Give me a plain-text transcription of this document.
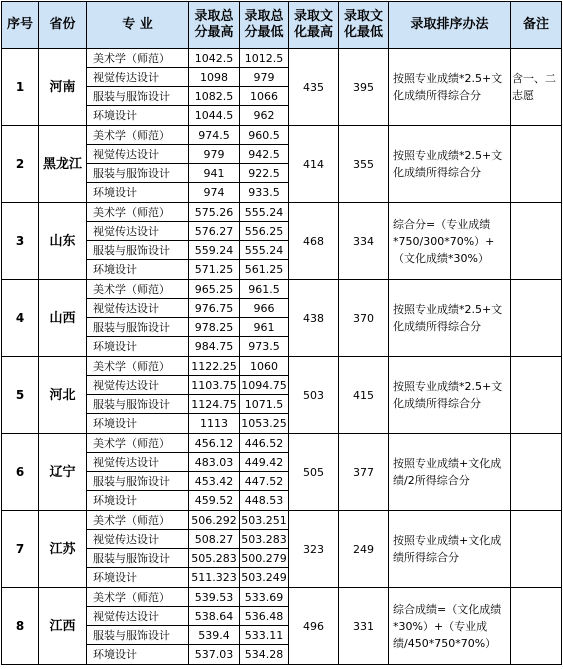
序号	省份	专 业	录取总分最高	录取总分最低	录取文化最高	录取文化最低	录取排序办法	备注
1	河南	美术学（师范）	1042.5	1012.5	435	395	按照专业成绩*2.5+文化成绩所得综合分	含一、二志愿
		视觉传达设计	1098	979				
		服装与服饰设计	1082.5	1066				
		环境设计	1044.5	962				
2	黑龙江	美术学（师范）	974.5	960.5	414	355	按照专业成绩*2.5+文化成绩所得综合分	
		视觉传达设计	979	942.5				
		服装与服饰设计	941	922.5				
		环境设计	974	933.5				
3	山东	美术学（师范）	575.26	555.24	468	334	综合分=（专业成绩*750/300*70%）+（文化成绩*30%）	
		视觉传达设计	576.27	556.25				
		服装与服饰设计	559.24	555.24				
		环境设计	571.25	561.25				
4	山西	美术学（师范）	965.25	961.5	438	370	按照专业成绩*2.5+文化成绩所得综合分	
		视觉传达设计	976.75	966				
		服装与服饰设计	978.25	961				
		环境设计	984.75	973.5				
5	河北	美术学（师范）	1122.25	1060	503	415	按照专业成绩*2.5+文化成绩所得综合分	
		视觉传达设计	1103.75	1094.75				
		服装与服饰设计	1124.75	1071.5				
		环境设计	1113	1053.25				
6	辽宁	美术学（师范）	456.12	446.52	505	377	按照专业成绩+文化成绩/2所得综合分	
		视觉传达设计	483.03	449.42				
		服装与服饰设计	453.42	447.52				
		环境设计	459.52	448.53				
7	江苏	美术学（师范）	506.292	503.251	323	249	按照专业成绩+文化成绩所得综合分	
		视觉传达设计	508.27	503.283				
		服装与服饰设计	505.283	500.279				
		环境设计	511.323	503.249				
8	江西	美术学（师范）	539.53	533.69	496	331	综合成绩=（文化成绩*30%）+（专业成绩/450*750*70%）	
		视觉传达设计	538.64	536.48				
		服装与服饰设计	539.4	533.11				
		环境设计	537.03	534.28				
